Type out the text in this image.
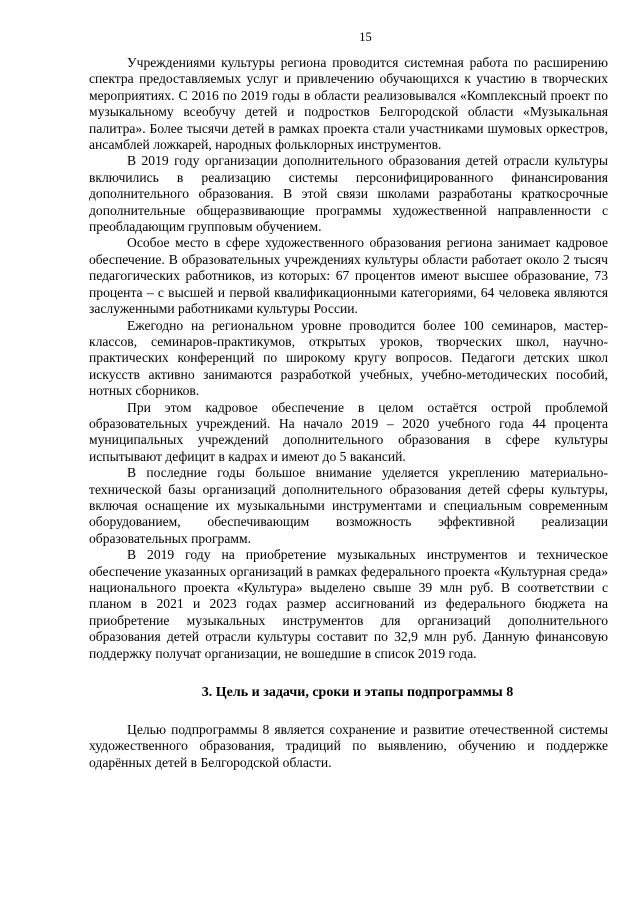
15

Учреждениями культуры региона проводится системная работа по расширению спектра предоставляемых услуг и привлечению обучающихся к участию в творческих мероприятиях. С 2016 по 2019 годы в области реализовывался «Комплексный проект по музыкальному всеобучу детей и подростков Белгородской области «Музыкальная палитра». Более тысячи детей в рамках проекта стали участниками шумовых оркестров, ансамблей ложкарей, народных фольклорных инструментов.

В 2019 году организации дополнительного образования детей отрасли культуры включились в реализацию системы персонифицированного финансирования дополнительного образования. В этой связи школами разработаны краткосрочные дополнительные общеразвивающие программы художественной направленности с преобладающим групповым обучением.

Особое место в сфере художественного образования региона занимает кадровое обеспечение. В образовательных учреждениях культуры области работает около 2 тысяч педагогических работников, из которых: 67 процентов имеют высшее образование, 73 процента – с высшей и первой квалификационными категориями, 64 человека являются заслуженными работниками культуры России.

Ежегодно на региональном уровне проводится более 100 семинаров, мастер-классов, семинаров-практикумов, открытых уроков, творческих школ, научно-практических конференций по широкому кругу вопросов. Педагоги детских школ искусств активно занимаются разработкой учебных, учебно-методических пособий, нотных сборников.

При этом кадровое обеспечение в целом остаётся острой проблемой образовательных учреждений. На начало 2019 – 2020 учебного года 44 процента муниципальных учреждений дополнительного образования в сфере культуры испытывают дефицит в кадрах и имеют до 5 вакансий.

В последние годы большое внимание уделяется укреплению материально-технической базы организаций дополнительного образования детей сферы культуры, включая оснащение их музыкальными инструментами и специальным современным оборудованием, обеспечивающим возможность эффективной реализации образовательных программ.

В 2019 году на приобретение музыкальных инструментов и техническое обеспечение указанных организаций в рамках федерального проекта «Культурная среда» национального проекта «Культура» выделено свыше 39 млн руб. В соответствии с планом в 2021 и 2023 годах размер ассигнований из федерального бюджета на приобретение музыкальных инструментов для организаций дополнительного образования детей отрасли культуры составит по 32,9 млн руб. Данную финансовую поддержку получат организации, не вошедшие в список 2019 года.

3. Цель и задачи, сроки и этапы подпрограммы 8

Целью подпрограммы 8 является сохранение и развитие отечественной системы художественного образования, традиций по выявлению, обучению и поддержке одарённых детей в Белгородской области.
